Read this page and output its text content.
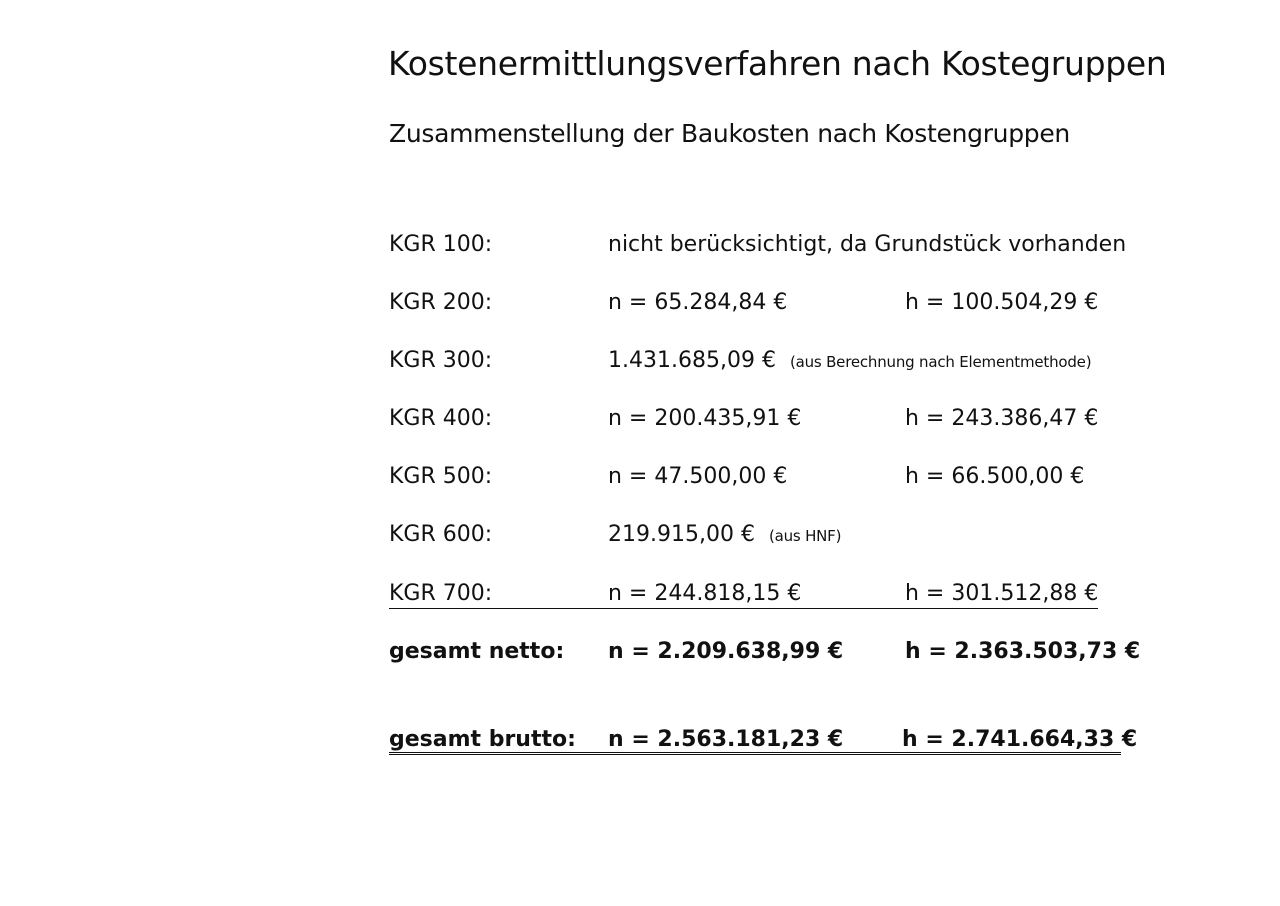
Kostenermittlungsverfahren nach Kostegruppen
Zusammenstellung der Baukosten nach Kostengruppen
KGR 100:	nicht berücksichtigt, da Grundstück vorhanden
KGR 200:	n = 65.284,84 €	h = 100.504,29 €
KGR 300:	1.431.685,09 € (aus Berechnung nach Elementmethode)
KGR 400:	n = 200.435,91 €	h = 243.386,47 €
KGR 500:	n = 47.500,00 €	h = 66.500,00 €
KGR 600:	219.915,00 € (aus HNF)
KGR 700:	n = 244.818,15 €	h = 301.512,88 €
gesamt netto: n = 2.209.638,99 €	h = 2.363.503,73 €
gesamt brutto: n = 2.563.181,23 €	h = 2.741.664,33 €
